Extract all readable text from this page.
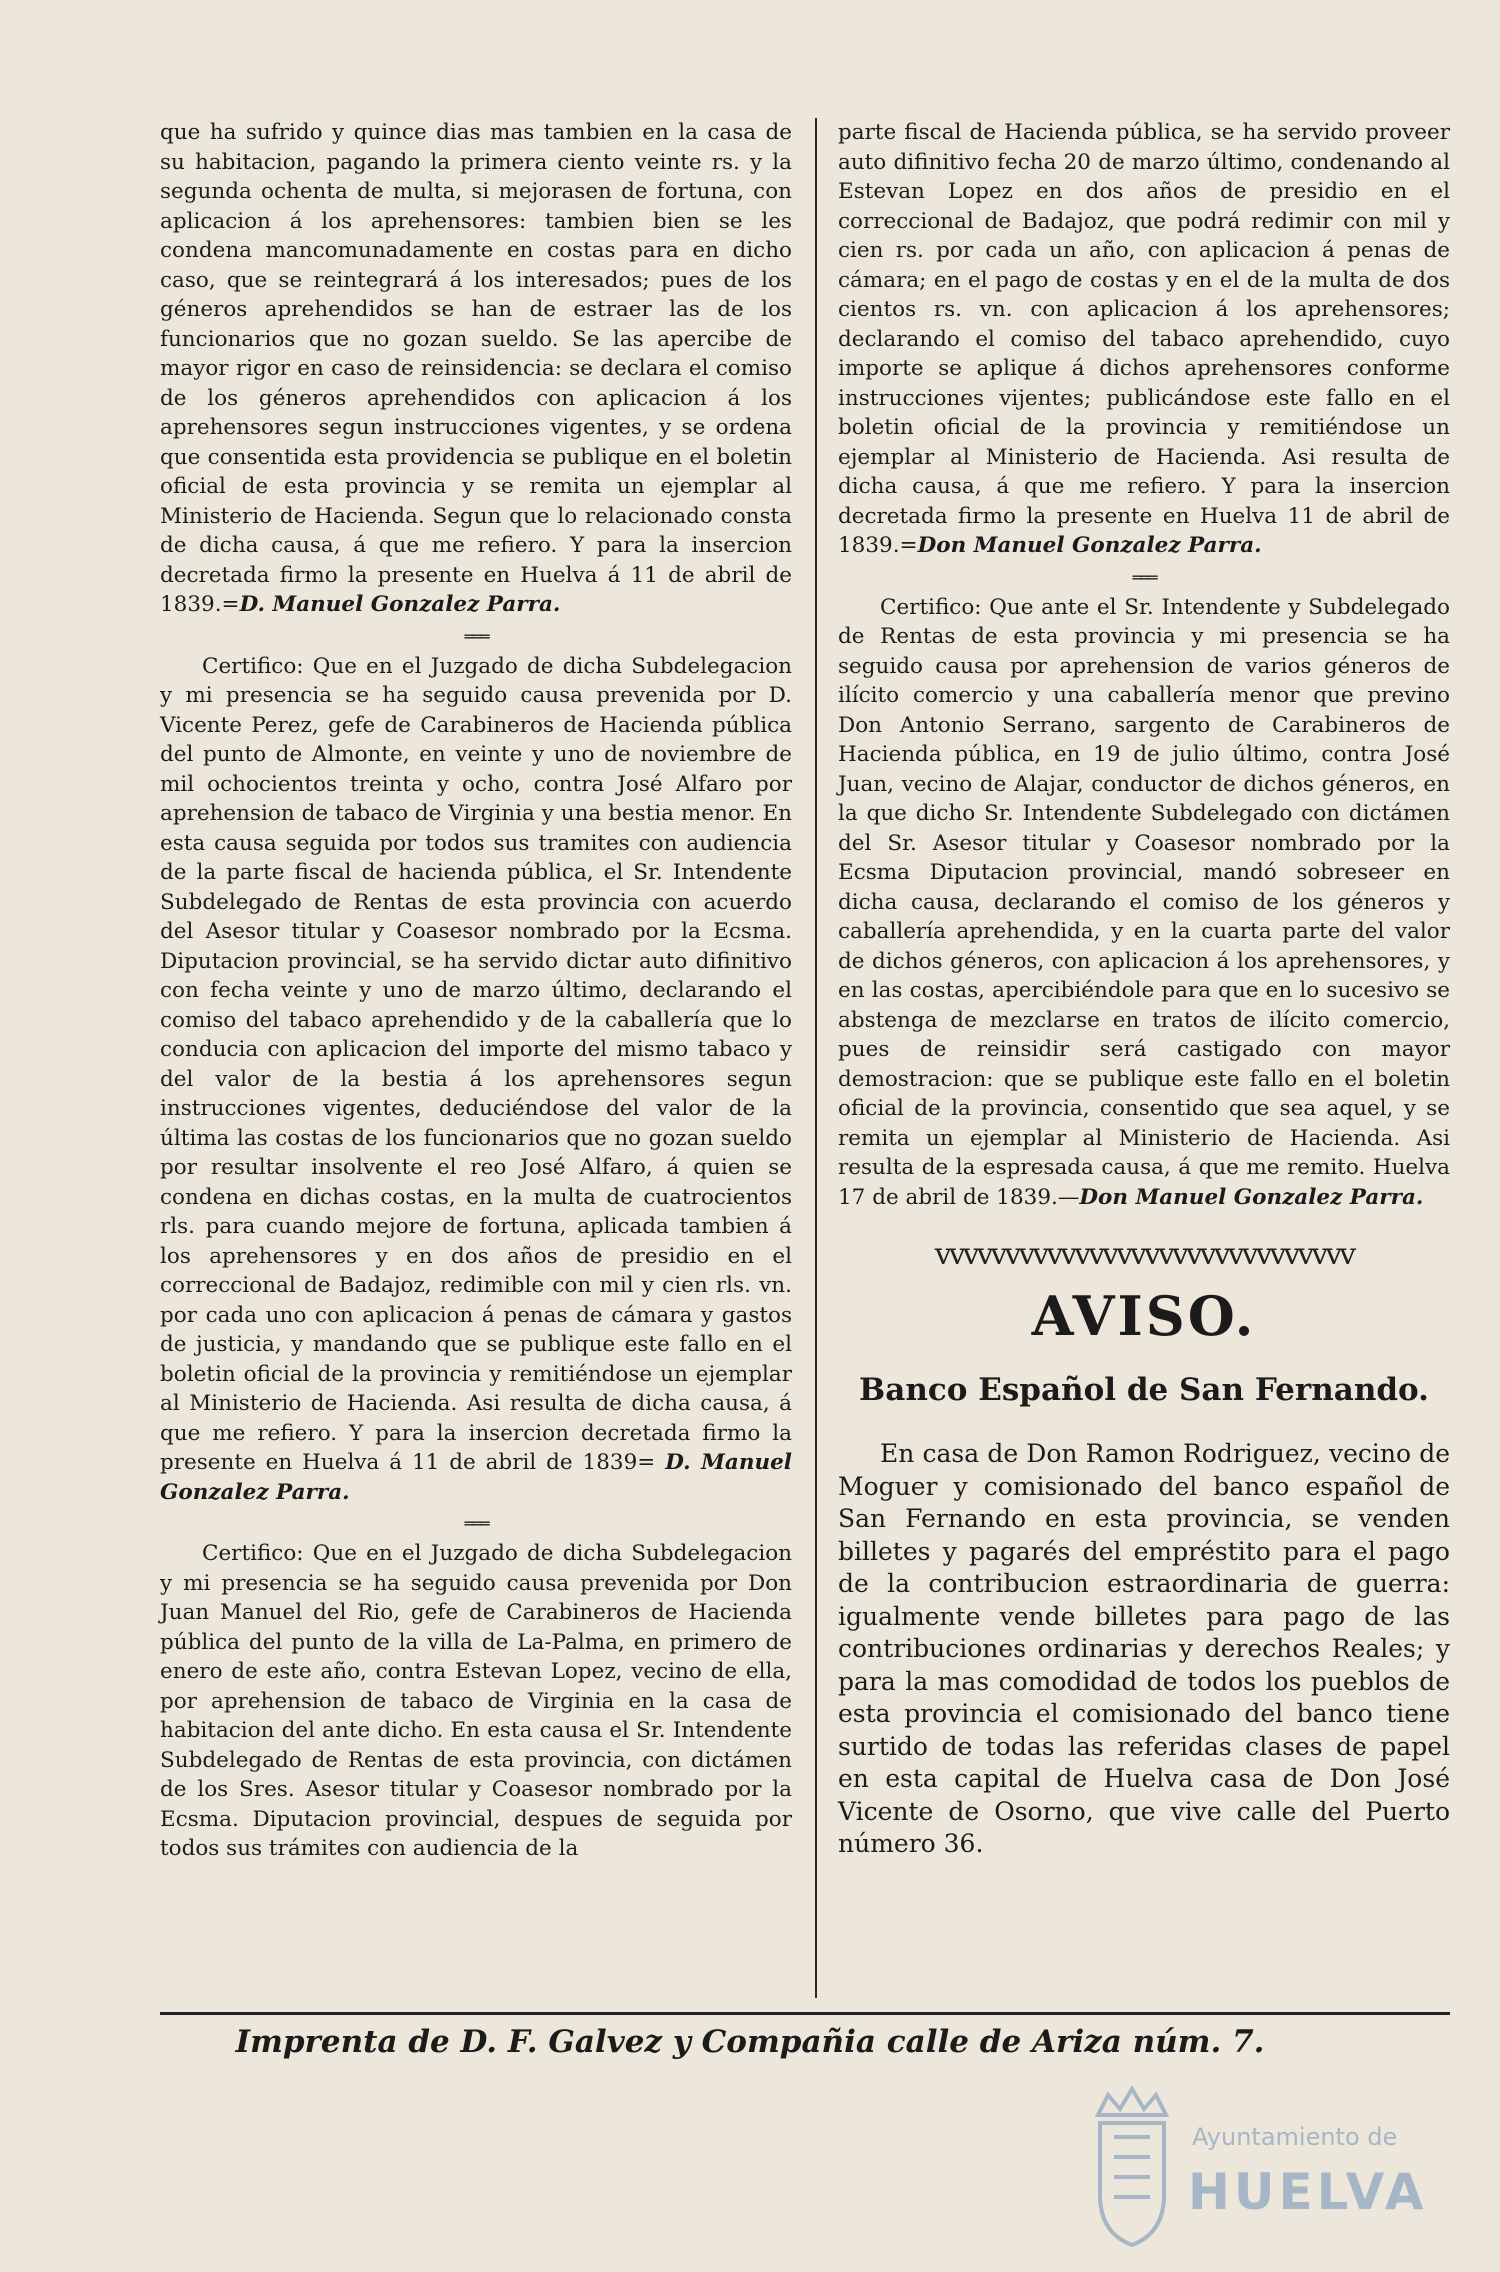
que ha sufrido y quince dias mas tambien en la casa de su habitacion, pagando la primera ciento veinte rs. y la segunda ochenta de multa, si mejorasen de fortuna, con aplicacion á los aprehensores: tambien bien se les condena mancomunadamente en costas para en dicho caso, que se reintegrará á los interesados; pues de los géneros aprehendidos se han de estraer las de los funcionarios que no gozan sueldo. Se las apercibe de mayor rigor en caso de reinsidencia: se declara el comiso de los géneros aprehendidos con aplicacion á los aprehensores segun instrucciones vigentes, y se ordena que consentida esta providencia se publique en el boletin oficial de esta provincia y se remita un ejemplar al Ministerio de Hacienda. Segun que lo relacionado consta de dicha causa, á que me refiero. Y para la insercion decretada firmo la presente en Huelva á 11 de abril de 1839.=D. Manuel Gonzalez Parra.

═══

Certifico: Que en el Juzgado de dicha Subdelegacion y mi presencia se ha seguido causa prevenida por D. Vicente Perez, gefe de Carabineros de Hacienda pública del punto de Almonte, en veinte y uno de noviembre de mil ochocientos treinta y ocho, contra José Alfaro por aprehension de tabaco de Virginia y una bestia menor. En esta causa seguida por todos sus tramites con audiencia de la parte fiscal de hacienda pública, el Sr. Intendente Subdelegado de Rentas de esta provincia con acuerdo del Asesor titular y Coasesor nombrado por la Ecsma. Diputacion provincial, se ha servido dictar auto difinitivo con fecha veinte y uno de marzo último, declarando el comiso del tabaco aprehendido y de la caballería que lo conducia con aplicacion del importe del mismo tabaco y del valor de la bestia á los aprehensores segun instrucciones vigentes, deduciéndose del valor de la última las costas de los funcionarios que no gozan sueldo por resultar insolvente el reo José Alfaro, á quien se condena en dichas costas, en la multa de cuatrocientos rls. para cuando mejore de fortuna, aplicada tambien á los aprehensores y en dos años de presidio en el correccional de Badajoz, redimible con mil y cien rls. vn. por cada uno con aplicacion á penas de cámara y gastos de justicia, y mandando que se publique este fallo en el boletin oficial de la provincia y remitiéndose un ejemplar al Ministerio de Hacienda. Asi resulta de dicha causa, á que me refiero. Y para la insercion decretada firmo la presente en Huelva á 11 de abril de 1839= D. Manuel Gonzalez Parra.

═══

Certifico: Que en el Juzgado de dicha Subdelegacion y mi presencia se ha seguido causa prevenida por Don Juan Manuel del Rio, gefe de Carabineros de Hacienda pública del punto de la villa de La-Palma, en primero de enero de este año, contra Estevan Lopez, vecino de ella, por aprehension de tabaco de Virginia en la casa de habitacion del ante dicho. En esta causa el Sr. Intendente Subdelegado de Rentas de esta provincia, con dictámen de los Sres. Asesor titular y Coasesor nombrado por la Ecsma. Diputacion provincial, despues de seguida por todos sus trámites con audiencia de la

parte fiscal de Hacienda pública, se ha servido proveer auto difinitivo fecha 20 de marzo último, condenando al Estevan Lopez en dos años de presidio en el correccional de Badajoz, que podrá redimir con mil y cien rs. por cada un año, con aplicacion á penas de cámara; en el pago de costas y en el de la multa de dos cientos rs. vn. con aplicacion á los aprehensores; declarando el comiso del tabaco aprehendido, cuyo importe se aplique á dichos aprehensores conforme instrucciones vijentes; publicándose este fallo en el boletin oficial de la provincia y remitiéndose un ejemplar al Ministerio de Hacienda. Asi resulta de dicha causa, á que me refiero. Y para la insercion decretada firmo la presente en Huelva 11 de abril de 1839.=Don Manuel Gonzalez Parra.

═══

Certifico: Que ante el Sr. Intendente y Subdelegado de Rentas de esta provincia y mi presencia se ha seguido causa por aprehension de varios géneros de ilícito comercio y una caballería menor que previno Don Antonio Serrano, sargento de Carabineros de Hacienda pública, en 19 de julio último, contra José Juan, vecino de Alajar, conductor de dichos géneros, en la que dicho Sr. Intendente Subdelegado con dictámen del Sr. Asesor titular y Coasesor nombrado por la Ecsma Diputacion provincial, mandó sobreseer en dicha causa, declarando el comiso de los géneros y caballería aprehendida, y en la cuarta parte del valor de dichos géneros, con aplicacion á los aprehensores, y en las costas, apercibiéndole para que en lo sucesivo se abstenga de mezclarse en tratos de ilícito comercio, pues de reinsidir será castigado con mayor demostracion: que se publique este fallo en el boletin oficial de la provincia, consentido que sea aquel, y se remita un ejemplar al Ministerio de Hacienda. Asi resulta de la espresada causa, á que me remito. Huelva 17 de abril de 1839.—Don Manuel Gonzalez Parra.

ᴠᴠᴠᴠᴠᴠᴠᴠᴠᴠᴠᴠᴠᴠᴠᴠᴠᴠᴠᴠᴠᴠᴠᴠᴠᴠᴠᴠᴠᴠ
AVISO.
Banco Español de San Fernando.

En casa de Don Ramon Rodriguez, vecino de Moguer y comisionado del banco español de San Fernando en esta provincia, se venden billetes y pagarés del empréstito para el pago de la contribucion estraordinaria de guerra: igualmente vende billetes para pago de las contribuciones ordinarias y derechos Reales; y para la mas comodidad de todos los pueblos de esta provincia el comisionado del banco tiene surtido de todas las referidas clases de papel en esta capital de Huelva casa de Don José Vicente de Osorno, que vive calle del Puerto número 36.

Imprenta de D. F. Galvez y Compañia calle de Ariza núm. 7.
Ayuntamiento de
HUELVA
